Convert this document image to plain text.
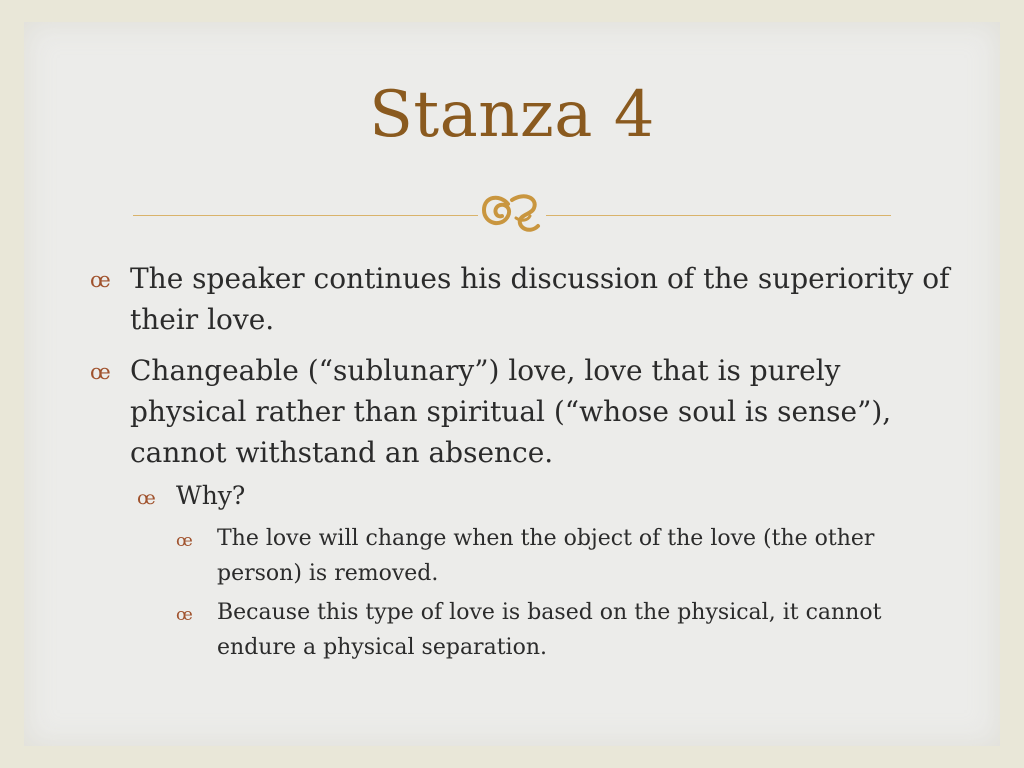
Stanza 4
œ The speaker continues his discussion of the superiority of their love.
œ Changeable (“sublunary”) love, love that is purely physical rather than spiritual (“whose soul is sense”), cannot withstand an absence.
œ Why?
œ The love will change when the object of the love (the other person) is removed.
œ Because this type of love is based on the physical, it cannot endure a physical separation.
